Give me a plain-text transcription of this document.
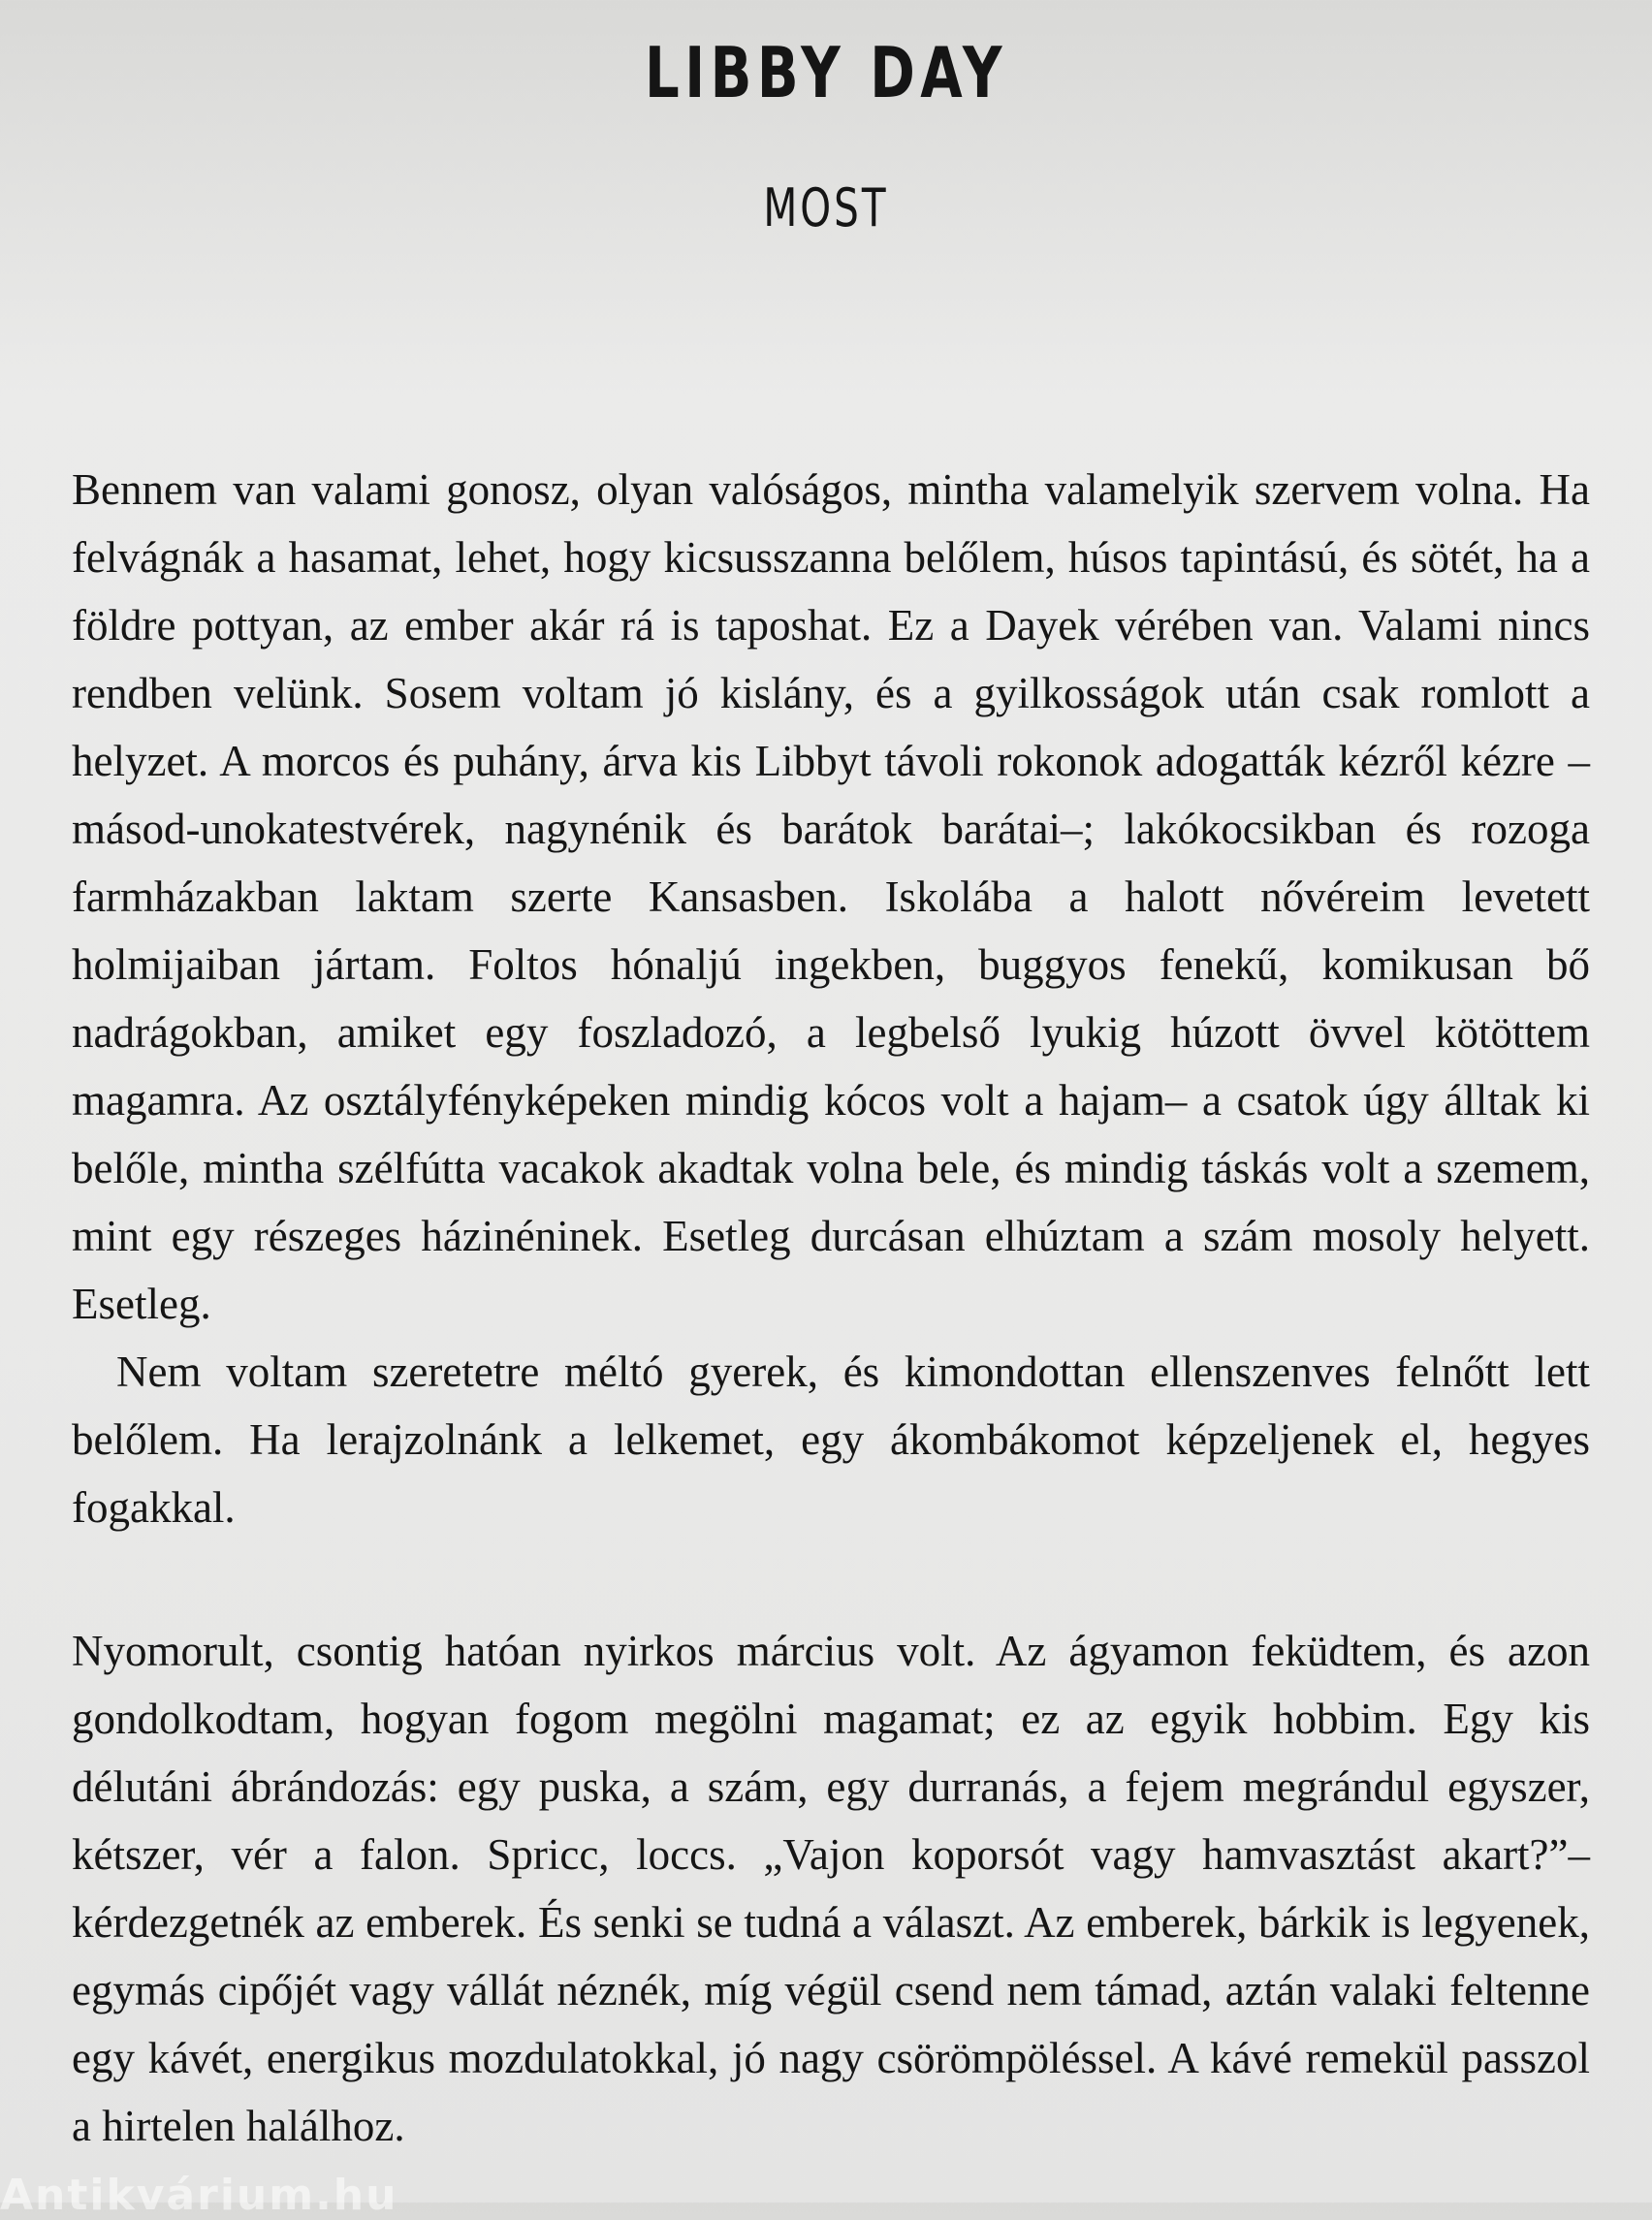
LIBBY DAY
MOST

Bennem van valami gonosz, olyan valóságos, mintha valamelyik szervem volna. Ha felvágnák a hasamat, lehet, hogy kicsusszanna belőlem, húsos tapintású, és sötét, ha a földre pottyan, az ember akár rá is taposhat. Ez a Dayek vérében van. Valami nincs rendben velünk. Sosem voltam jó kislány, és a gyilkosságok után csak romlott a helyzet. A morcos és puhány, árva kis Libbyt távoli rokonok adogatták kézről kézre –másod-unokatestvérek, nagynénik és barátok barátai–; lakókocsikban és rozoga farmházakban laktam szerte Kansasben. Iskolába a halott nővéreim levetett holmijaiban jártam. Foltos hónaljú ingekben, buggyos fenekű, komikusan bő nadrágokban, amiket egy foszladozó, a legbelső lyukig húzott övvel kötöttem magamra. Az osztályfényképeken mindig kócos volt a hajam– a csatok úgy álltak ki belőle, mintha szélfútta vacakok akadtak volna bele, és mindig táskás volt a szemem, mint egy részeges házinéninek. Esetleg durcásan elhúztam a szám mosoly helyett. Esetleg.

Nem voltam szeretetre méltó gyerek, és kimondottan ellenszenves felnőtt lett belőlem. Ha lerajzolnánk a lelkemet, egy ákombákomot képzeljenek el, hegyes fogakkal.

Nyomorult, csontig hatóan nyirkos március volt. Az ágyamon feküdtem, és azon gondolkodtam, hogyan fogom megölni magamat; ez az egyik hobbim. Egy kis délutáni ábrándozás: egy puska, a szám, egy durranás, a fejem megrándul egyszer, kétszer, vér a falon. Spricc, loccs. „Vajon koporsót vagy hamvasztást akart?”– kérdezgetnék az emberek. És senki se tudná a választ. Az emberek, bárkik is legyenek, egymás cipőjét vagy vállát néznék, míg végül csend nem támad, aztán valaki feltenne egy kávét, energikus mozdulatokkal, jó nagy csörömpöléssel. A kávé remekül passzol a hirtelen halálhoz.

Antikvárium.hu
